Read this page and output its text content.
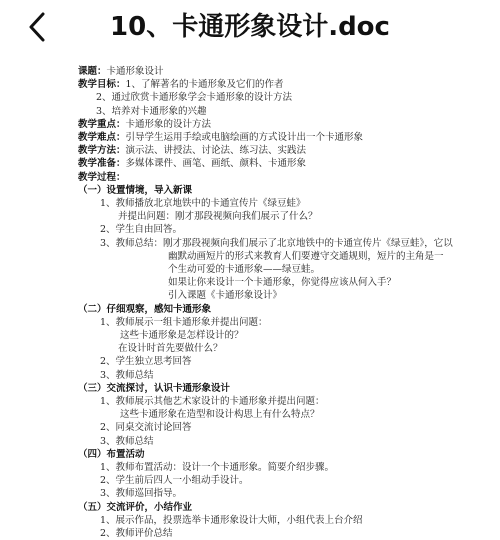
10、卡通形象设计.doc
课题：卡通形象设计
教学目标：1、了解著名的卡通形象及它们的作者
2、通过欣赏卡通形象学会卡通形象的设计方法
3、培养对卡通形象的兴趣
教学重点：卡通形象的设计方法
教学难点：引导学生运用手绘或电脑绘画的方式设计出一个卡通形象
教学方法：演示法、讲授法、讨论法、练习法、实践法
教学准备：多媒体课件、画笔、画纸、颜料、卡通形象
教学过程：
（一）设置情境，导入新课
1、教师播放北京地铁中的卡通宣传片《绿豆蛙》
并提出问题：刚才那段视频向我们展示了什么？
2、学生自由回答。
3、教师总结：刚才那段视频向我们展示了北京地铁中的卡通宣传片《绿豆蛙》，它以
幽默动画短片的形式来教育人们要遵守交通规则，短片的主角是一
个生动可爱的卡通形象——绿豆蛙。
如果让你来设计一个卡通形象，你觉得应该从何入手？
引入课题《卡通形象设计》
（二）仔细观察，感知卡通形象
1、教师展示一组卡通形象并提出问题：
这些卡通形象是怎样设计的？
在设计时首先要做什么？
2、学生独立思考回答
3、教师总结
（三）交流探讨，认识卡通形象设计
1、教师展示其他艺术家设计的卡通形象并提出问题：
这些卡通形象在造型和设计构思上有什么特点？
2、同桌交流讨论回答
3、教师总结
（四）布置活动
1、教师布置活动：设计一个卡通形象。简要介绍步骤。
2、学生前后四人一小组动手设计。
3、教师巡回指导。
（五）交流评价，小结作业
1、展示作品，投票选举卡通形象设计大师，小组代表上台介绍
2、教师评价总结
